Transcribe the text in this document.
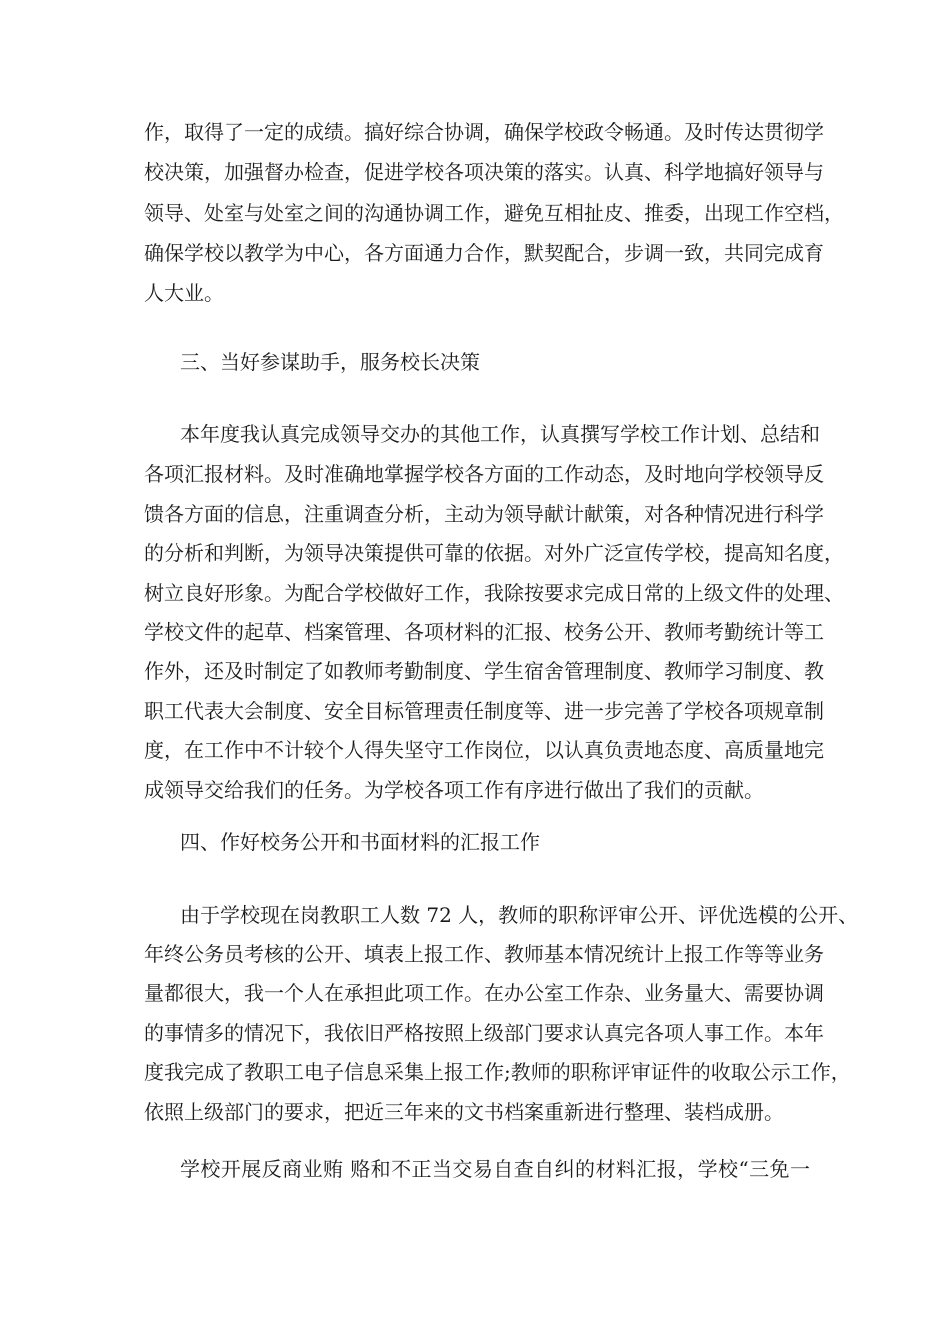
作，取得了一定的成绩。搞好综合协调，确保学校政令畅通。及时传达贯彻学
校决策，加强督办检查，促进学校各项决策的落实。认真、科学地搞好领导与
领导、处室与处室之间的沟通协调工作，避免互相扯皮、推委，出现工作空档，
确保学校以教学为中心，各方面通力合作，默契配合，步调一致，共同完成育
人大业。
三、当好参谋助手，服务校长决策
本年度我认真完成领导交办的其他工作，认真撰写学校工作计划、总结和
各项汇报材料。及时准确地掌握学校各方面的工作动态，及时地向学校领导反
馈各方面的信息，注重调查分析，主动为领导献计献策，对各种情况进行科学
的分析和判断，为领导决策提供可靠的依据。对外广泛宣传学校，提高知名度，
树立良好形象。为配合学校做好工作，我除按要求完成日常的上级文件的处理、
学校文件的起草、档案管理、各项材料的汇报、校务公开、教师考勤统计等工
作外，还及时制定了如教师考勤制度、学生宿舍管理制度、教师学习制度、教
职工代表大会制度、安全目标管理责任制度等、进一步完善了学校各项规章制
度，在工作中不计较个人得失坚守工作岗位，以认真负责地态度、高质量地完
成领导交给我们的任务。为学校各项工作有序进行做出了我们的贡献。
四、作好校务公开和书面材料的汇报工作
由于学校现在岗教职工人数 72 人，教师的职称评审公开、评优选模的公开、
年终公务员考核的公开、填表上报工作、教师基本情况统计上报工作等等业务
量都很大，我一个人在承担此项工作。在办公室工作杂、业务量大、需要协调
的事情多的情况下，我依旧严格按照上级部门要求认真完各项人事工作。本年
度我完成了教职工电子信息采集上报工作;教师的职称评审证件的收取公示工作，
依照上级部门的要求，把近三年来的文书档案重新进行整理、装档成册。
学校开展反商业贿 赂和不正当交易自查自纠的材料汇报，学校“三免一
